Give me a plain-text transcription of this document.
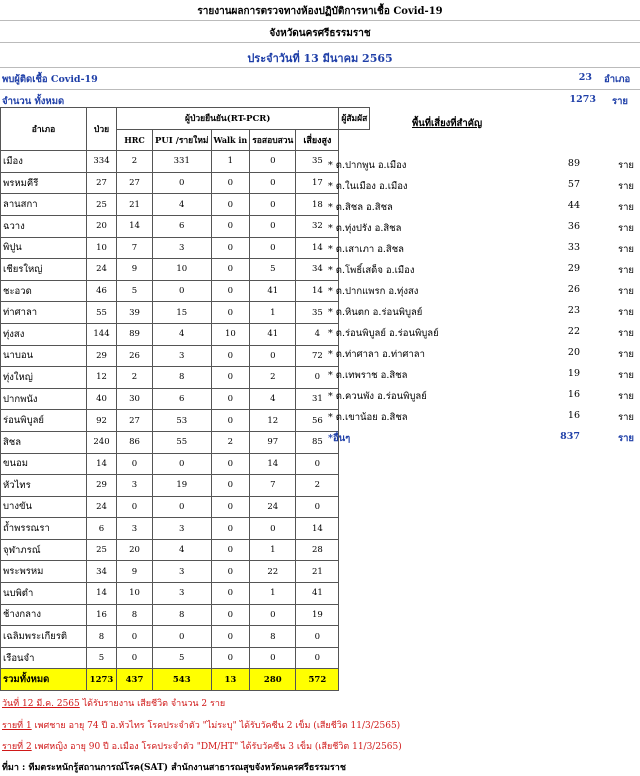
รายงานผลการตรวจทางห้องปฏิบัติการหาเชื้อ Covid-19
จังหวัดนครศรีธรรมราช
ประจำวันที่ 13 มีนาคม 2565
พบผู้ติดเชื้อ Covid-19	23 อำเภอ
จำนวน ทั้งหมด	1273 ราย
อำเภอ	ป่วย	ผู้ป่วยยืนยัน(RT-PCR)					ผู้สัมผัส
		HRC	PUI /รายใหม่	Walk in	รอสอบสวน	เสี่ยงสูง	
เมือง	334	2	331	1	0	35	
พรหมคีรี	27	27	0	0	0	17	
ลานสกา	25	21	4	0	0	18	
ฉวาง	20	14	6	0	0	32	
พิปูน	10	7	3	0	0	14	
เชียรใหญ่	24	9	10	0	5	34	
ชะอวด	46	5	0	0	41	14	
ท่าศาลา	55	39	15	0	1	35	
ทุ่งสง	144	89	4	10	41	4	
นาบอน	29	26	3	0	0	72	
ทุ่งใหญ่	12	2	8	0	2	0	
ปากพนัง	40	30	6	0	4	31	
ร่อนพิบูลย์	92	27	53	0	12	56	
สิชล	240	86	55	2	97	85	
ขนอม	14	0	0	0	14	0	
หัวไทร	29	3	19	0	7	2	
บางขัน	24	0	0	0	24	0	
ถ้ำพรรณรา	6	3	3	0	0	14	
จุฬาภรณ์	25	20	4	0	1	28	
พระพรหม	34	9	3	0	22	21	
นบพิตำ	14	10	3	0	1	41	
ช้างกลาง	16	8	8	0	0	19	
เฉลิมพระเกียรติ	8	0	0	0	8	0	
เรือนจำ	5	0	5	0	0	0	
รวมทั้งหมด	1273	437	543	13	280	572	
พื้นที่เสี่ยงที่สำคัญ
* ต.ปากพูน อ.เมือง	89	ราย
* ต.ในเมือง อ.เมือง	57	ราย
* ต.สิชล อ.สิชล	44	ราย
* ต.ทุ่งปรัง อ.สิชล	36	ราย
* ต.เสาเภา อ.สิชล	33	ราย
* ต.โพธิ์เสด็จ อ.เมือง	29	ราย
* ต.ปากแพรก อ.ทุ่งสง	26	ราย
* ต.หินตก อ.ร่อนพิบูลย์	23	ราย
* ต.ร่อนพิบูลย์ อ.ร่อนพิบูลย์	22	ราย
* ต.ท่าศาลา อ.ท่าศาลา	20	ราย
* ต.เทพราช อ.สิชล	19	ราย
* ต.ควนพัง อ.ร่อนพิบูลย์	16	ราย
* ต.เขาน้อย อ.สิชล	16	ราย
*อื่นๆ	837	ราย
วันที่ 12 มี.ค. 2565 ได้รับรายงาน เสียชีวิต จำนวน 2 ราย
รายที่ 1 เพศชาย อายุ 74 ปี อ.หัวไทร โรคประจำตัว "ไม่ระบุ" ได้รับวัคซีน 2 เข็ม (เสียชีวิต 11/3/2565)
รายที่ 2 เพศหญิง อายุ 90 ปี อ.เมือง โรคประจำตัว "DM/HT" ได้รับวัคซีน 3 เข็ม (เสียชีวิต 11/3/2565)
ที่มา : ทีมตระหนักรู้สถานการณ์โรค(SAT) สำนักงานสาธารณสุขจังหวัดนครศรีธรรมราช
